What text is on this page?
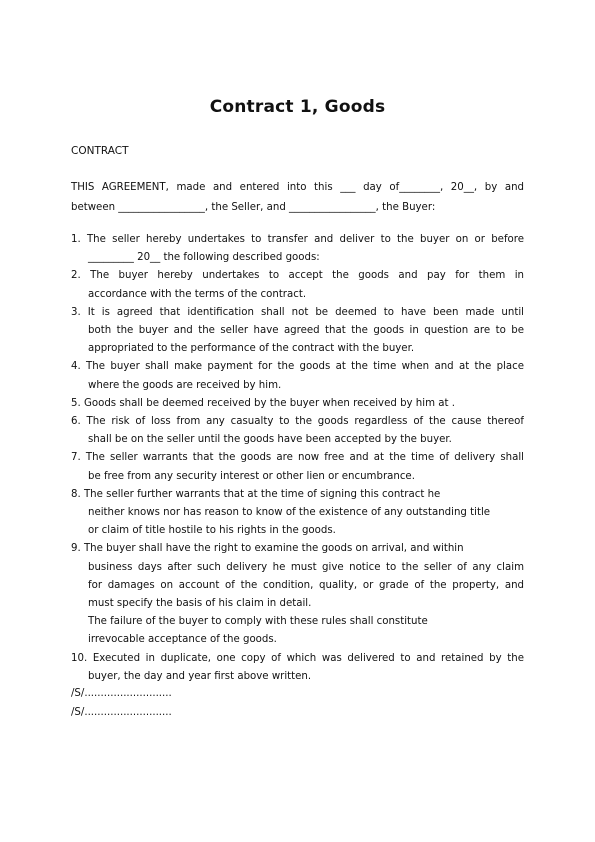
Contract 1, Goods
CONTRACT
THIS AGREEMENT, made and entered into this ___ day of________, 20__, by and
between _________________, the Seller, and _________________, the Buyer:
1. The seller hereby undertakes to transfer and deliver to the buyer on or before
_________ 20__ the following described goods:
2. The buyer hereby undertakes to accept the goods and pay for them in
accordance with the terms of the contract.
3. It is agreed that identification shall not be deemed to have been made until
both the buyer and the seller have agreed that the goods in question are to be
appropriated to the performance of the contract with the buyer.
4. The buyer shall make payment for the goods at the time when and at the place
where the goods are received by him.
5. Goods shall be deemed received by the buyer when received by him at .
6. The risk of loss from any casualty to the goods regardless of the cause thereof
shall be on the seller until the goods have been accepted by the buyer.
7. The seller warrants that the goods are now free and at the time of delivery shall
be free from any security interest or other lien or encumbrance.
8. The seller further warrants that at the time of signing this contract he
neither knows nor has reason to know of the existence of any outstanding title
or claim of title hostile to his rights in the goods.
9. The buyer shall have the right to examine the goods on arrival, and within
business days after such delivery he must give notice to the seller of any claim
for damages on account of the condition, quality, or grade of the property, and
must specify the basis of his claim in detail.
The failure of the buyer to comply with these rules shall constitute
irrevocable acceptance of the goods.
10. Executed in duplicate, one copy of which was delivered to and retained by the
buyer, the day and year first above written.
/S/...........................
/S/...........................
